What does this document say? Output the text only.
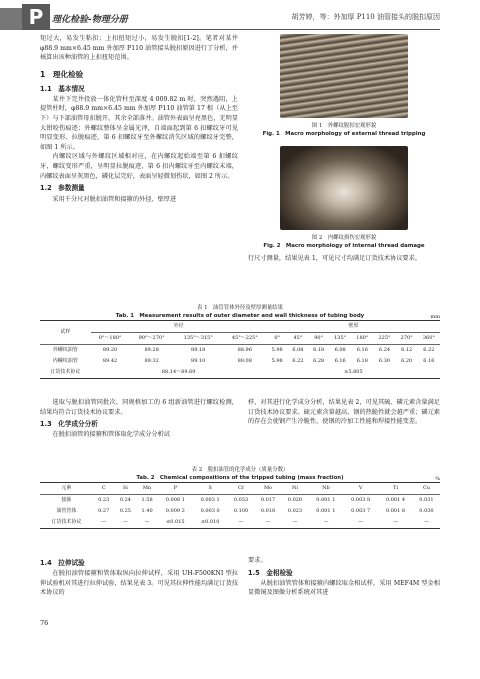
P 理化检验-物理分册	胡芳婷，等：外加厚 P110 油管接头的脱扣原因

矩过大，易发生粘扣；上扣扭矩过小，易发生脱扣[1-2]。笔者对某井 φ88.9 mm×6.45 mm 外加厚 P110 油管接头脱扣原因进行了分析，并核算出该种油管的上扣扭矩范围。

1　理化检验
1.1　基本情况

某井下完井投放一体化管柱至深度 4 009.82 m 时，突然遇阻，上提管柱时，φ88.9 mm×6.45 mm 外加厚 P110 油管第 17 根（从上至下）与下部油管母扣脱开，其余全部落井。油管外表面呈亮黑色，无明显大钳咬伤痕迹；外螺纹整体呈金属光泽，自端面起到第 6 扣螺纹牙可见明显变形、拉脱痕迹，第 6 扣螺纹牙至外螺纹消失区域的螺纹牙完整，如图 1 所示。

内螺纹区域与外螺纹区域相对应，在内螺纹起始端至第 6 扣螺纹牙，螺纹变形严重，呈明显拉脱痕迹，第 6 扣内螺纹牙至内螺纹末端，内螺纹表面呈灰黑色，磷化层完好，表面呈轻微划伤状，如图 2 所示。

1.2　参数测量

采用千分尺对脱扣油管和接箍的外径、壁厚进

图 1　外螺纹脱扣宏观形貌
Fig. 1　Macro morphology of external thread tripping
图 2　内螺纹损伤宏观形貌
Fig. 2　Macro morphology of internal thread damage

行尺寸测量，结果见表 1，可见尺寸均满足订货技术协议要求。

表 1　油管管体外径及壁厚测量结果
Tab. 1　Measurement results of outer diameter and wall thickness of tubing body	mm
试样	外径				壁厚							
	0°～180°	90°～270°	135°～315°	45°～225°	0°	45°	90°	135°	180°	225°	270°	360°
外螺纹油管	89.20	89.28	89.18	88.96	5.98	6.08	6.18	6.08	6.16	6.24	6.12	6.22
内螺纹油管	89.42	89.32	89.10	89.08	5.98	6.22	6.28	6.16	6.18	6.30	6.20	6.16
订货技术协议	88.14～89.69				≥5.805							

选取与脱扣油管同批次、同规格加工的 6 组新油管进行螺纹检测，结果均符合订货技术协议要求。

1.3　化学成分分析

在脱扣油管的接箍和管体取化学成分分析试

样，对其进行化学成分分析，结果见表 2，可见其硫、磷元素含量满足订货技术协议要求。硫元素含量越高，钢的热脆性就会越严重；磷元素的存在会使钢产生冷脆性，使钢的冷加工性能和焊接性能变差。

表 2　脱扣油管的化学成分（质量分数）
Tab. 2　Chemical compositions of the tripped tubing (mass fraction)	%
元素	C	Si	Mn	P	S	Cr	Mo	Ni	Nb	V	Ti	Cu
接箍	0.23	0.24	1.58	0.008 1	0.003 1	0.053	0.017	0.020	0.001 1	0.003 8	0.001 4	0.031
油管管体	0.27	0.25	1.40	0.009 2	0.003 0	0.100	0.018	0.023	0.001 1	0.003 7	0.001 8	0.030
订货技术协议	—	—	—	≤0.015	≤0.010	—	—	—	—	—	—	—
1.4　拉伸试验

在脱扣油管接箍和管体取纵向拉伸试样，采用 UH-F500KNI 型拉伸试验机对其进行拉伸试验，结果见表 3。可见其拉伸性能均满足订货技术协议的

要求。

1.5　金相检验

从脱扣油管管体和接箍内螺纹取金相试样，采用 MEF4M 型金相显微镜及图像分析系统对其进

76
